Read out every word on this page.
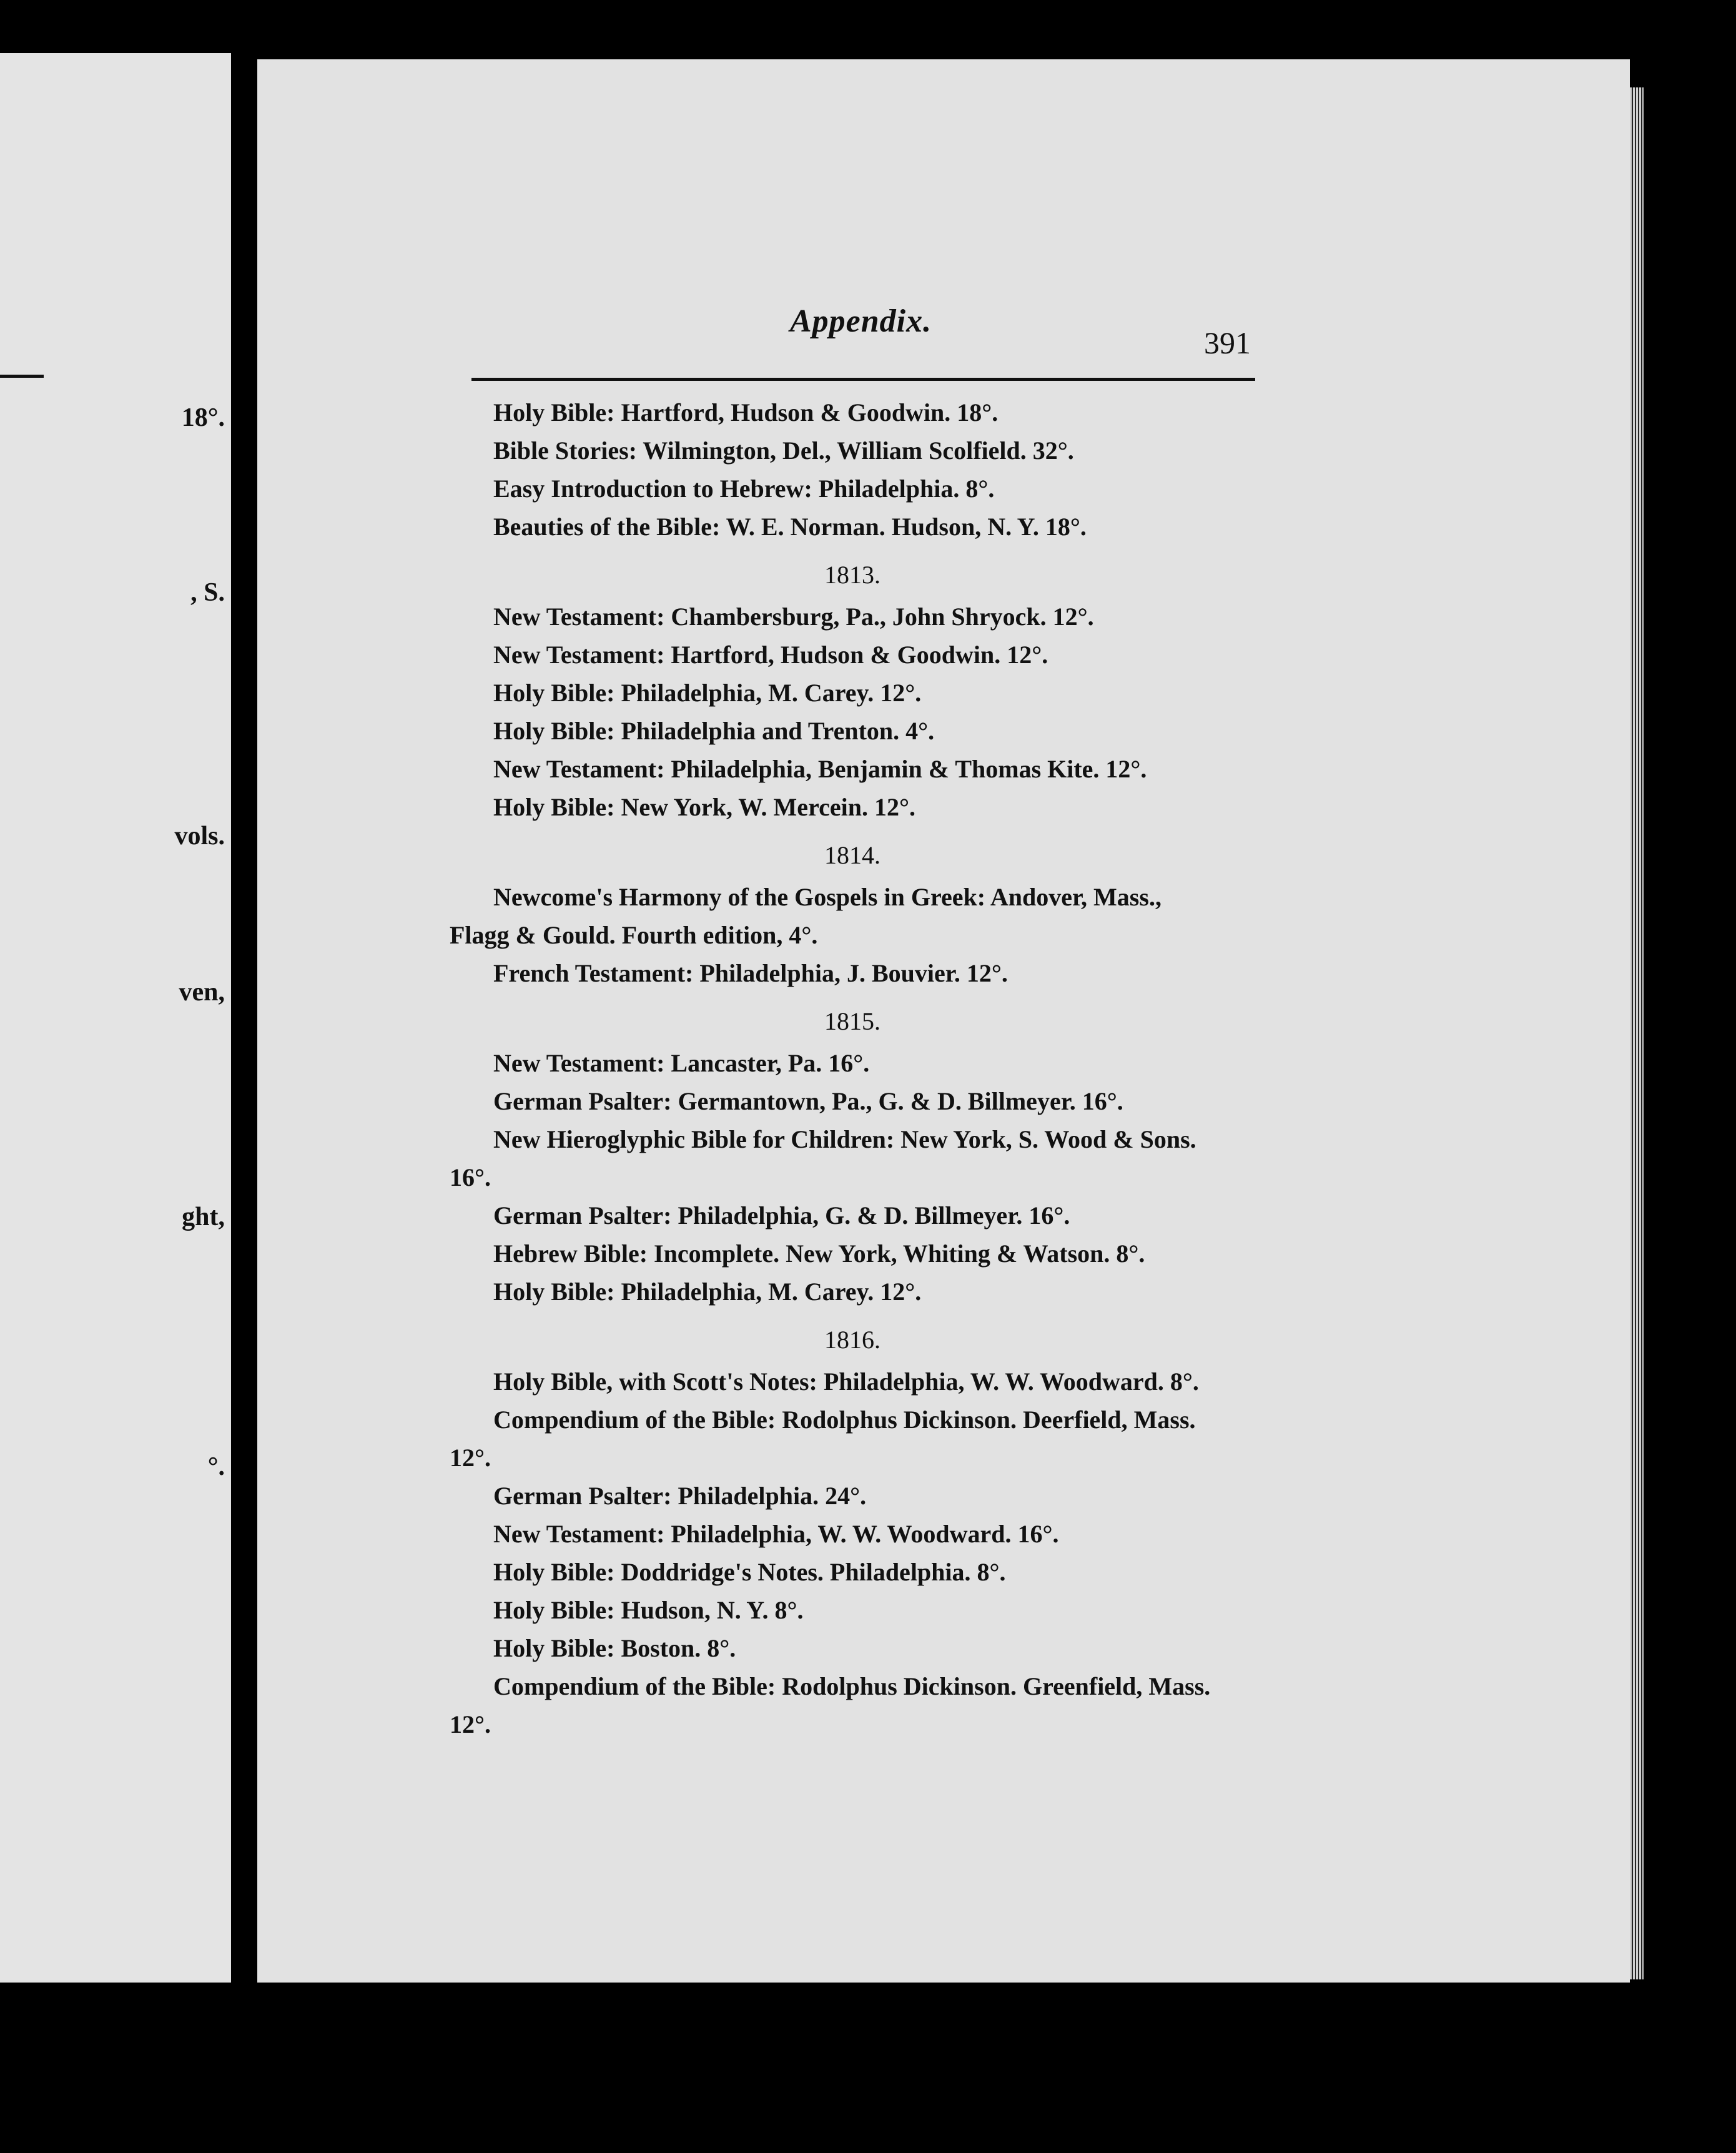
18°.
, S.
vols.
ven,
ght,
°.
Appendix.
391
Holy Bible: Hartford, Hudson & Goodwin. 18°.
Bible Stories: Wilmington, Del., William Scolfield. 32°.
Easy Introduction to Hebrew: Philadelphia. 8°.
Beauties of the Bible: W. E. Norman. Hudson, N. Y. 18°.
1813.
New Testament: Chambersburg, Pa., John Shryock. 12°.
New Testament: Hartford, Hudson & Goodwin. 12°.
Holy Bible: Philadelphia, M. Carey. 12°.
Holy Bible: Philadelphia and Trenton. 4°.
New Testament: Philadelphia, Benjamin & Thomas Kite. 12°.
Holy Bible: New York, W. Mercein. 12°.
1814.
Newcome's Harmony of the Gospels in Greek: Andover, Mass.,
Flagg & Gould. Fourth edition, 4°.
French Testament: Philadelphia, J. Bouvier. 12°.
1815.
New Testament: Lancaster, Pa. 16°.
German Psalter: Germantown, Pa., G. & D. Billmeyer. 16°.
New Hieroglyphic Bible for Children: New York, S. Wood & Sons.
16°.
German Psalter: Philadelphia, G. & D. Billmeyer. 16°.
Hebrew Bible: Incomplete. New York, Whiting & Watson. 8°.
Holy Bible: Philadelphia, M. Carey. 12°.
1816.
Holy Bible, with Scott's Notes: Philadelphia, W. W. Woodward. 8°.
Compendium of the Bible: Rodolphus Dickinson. Deerfield, Mass.
12°.
German Psalter: Philadelphia. 24°.
New Testament: Philadelphia, W. W. Woodward. 16°.
Holy Bible: Doddridge's Notes. Philadelphia. 8°.
Holy Bible: Hudson, N. Y. 8°.
Holy Bible: Boston. 8°.
Compendium of the Bible: Rodolphus Dickinson. Greenfield, Mass.
12°.
